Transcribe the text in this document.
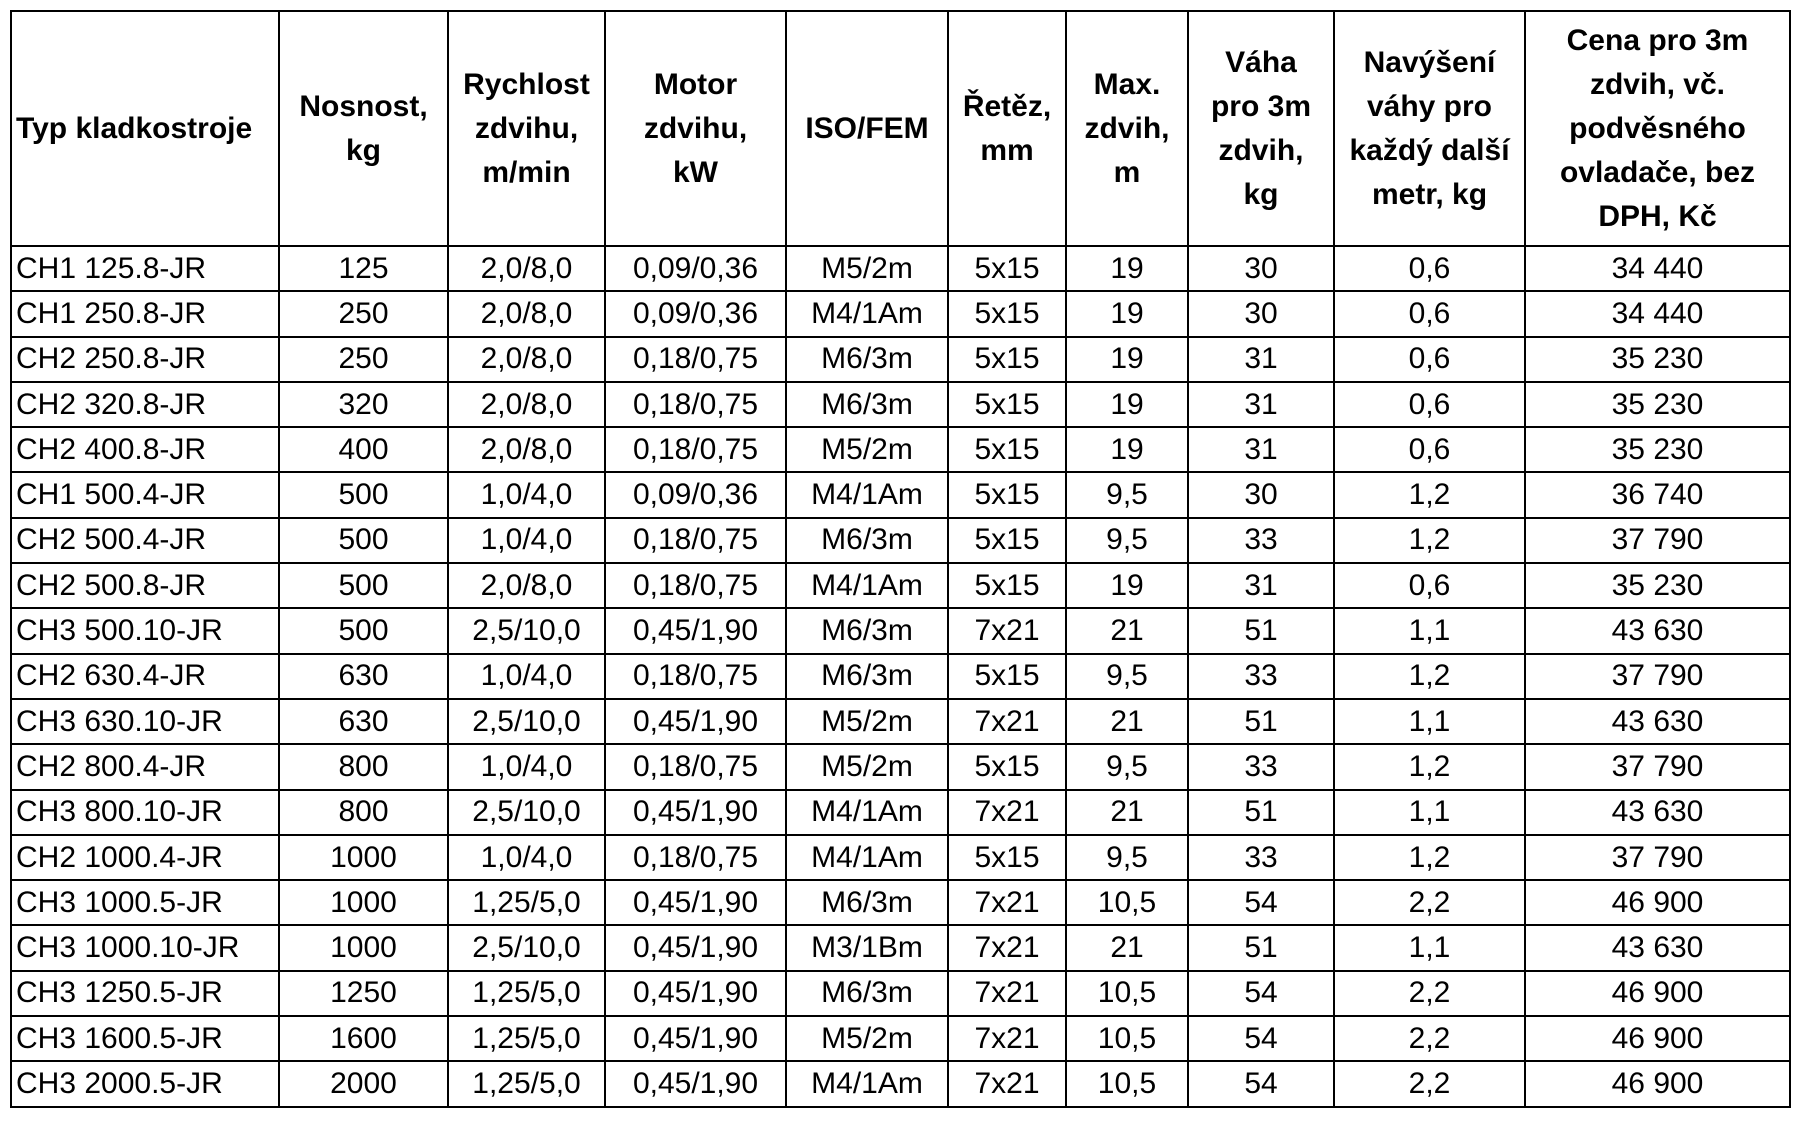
Typ kladkostroje	Nosnost,
kg	Rychlost
zdvihu,
m/min	Motor
zdvihu,
kW	ISO/FEM	Řetěz,
mm	Max.
zdvih,
m	Váha
pro 3m
zdvih,
kg	Navýšení
váhy pro
každý další
metr, kg	Cena pro 3m
zdvih, vč.
podvěsného
ovladače, bez
DPH, Kč
CH1 125.8-JR	125	2,0/8,0	0,09/0,36	M5/2m	5x15	19	30	0,6	34 440
CH1 250.8-JR	250	2,0/8,0	0,09/0,36	M4/1Am	5x15	19	30	0,6	34 440
CH2 250.8-JR	250	2,0/8,0	0,18/0,75	M6/3m	5x15	19	31	0,6	35 230
CH2 320.8-JR	320	2,0/8,0	0,18/0,75	M6/3m	5x15	19	31	0,6	35 230
CH2 400.8-JR	400	2,0/8,0	0,18/0,75	M5/2m	5x15	19	31	0,6	35 230
CH1 500.4-JR	500	1,0/4,0	0,09/0,36	M4/1Am	5x15	9,5	30	1,2	36 740
CH2 500.4-JR	500	1,0/4,0	0,18/0,75	M6/3m	5x15	9,5	33	1,2	37 790
CH2 500.8-JR	500	2,0/8,0	0,18/0,75	M4/1Am	5x15	19	31	0,6	35 230
CH3 500.10-JR	500	2,5/10,0	0,45/1,90	M6/3m	7x21	21	51	1,1	43 630
CH2 630.4-JR	630	1,0/4,0	0,18/0,75	M6/3m	5x15	9,5	33	1,2	37 790
CH3 630.10-JR	630	2,5/10,0	0,45/1,90	M5/2m	7x21	21	51	1,1	43 630
CH2 800.4-JR	800	1,0/4,0	0,18/0,75	M5/2m	5x15	9,5	33	1,2	37 790
CH3 800.10-JR	800	2,5/10,0	0,45/1,90	M4/1Am	7x21	21	51	1,1	43 630
CH2 1000.4-JR	1000	1,0/4,0	0,18/0,75	M4/1Am	5x15	9,5	33	1,2	37 790
CH3 1000.5-JR	1000	1,25/5,0	0,45/1,90	M6/3m	7x21	10,5	54	2,2	46 900
CH3 1000.10-JR	1000	2,5/10,0	0,45/1,90	M3/1Bm	7x21	21	51	1,1	43 630
CH3 1250.5-JR	1250	1,25/5,0	0,45/1,90	M6/3m	7x21	10,5	54	2,2	46 900
CH3 1600.5-JR	1600	1,25/5,0	0,45/1,90	M5/2m	7x21	10,5	54	2,2	46 900
CH3 2000.5-JR	2000	1,25/5,0	0,45/1,90	M4/1Am	7x21	10,5	54	2,2	46 900
